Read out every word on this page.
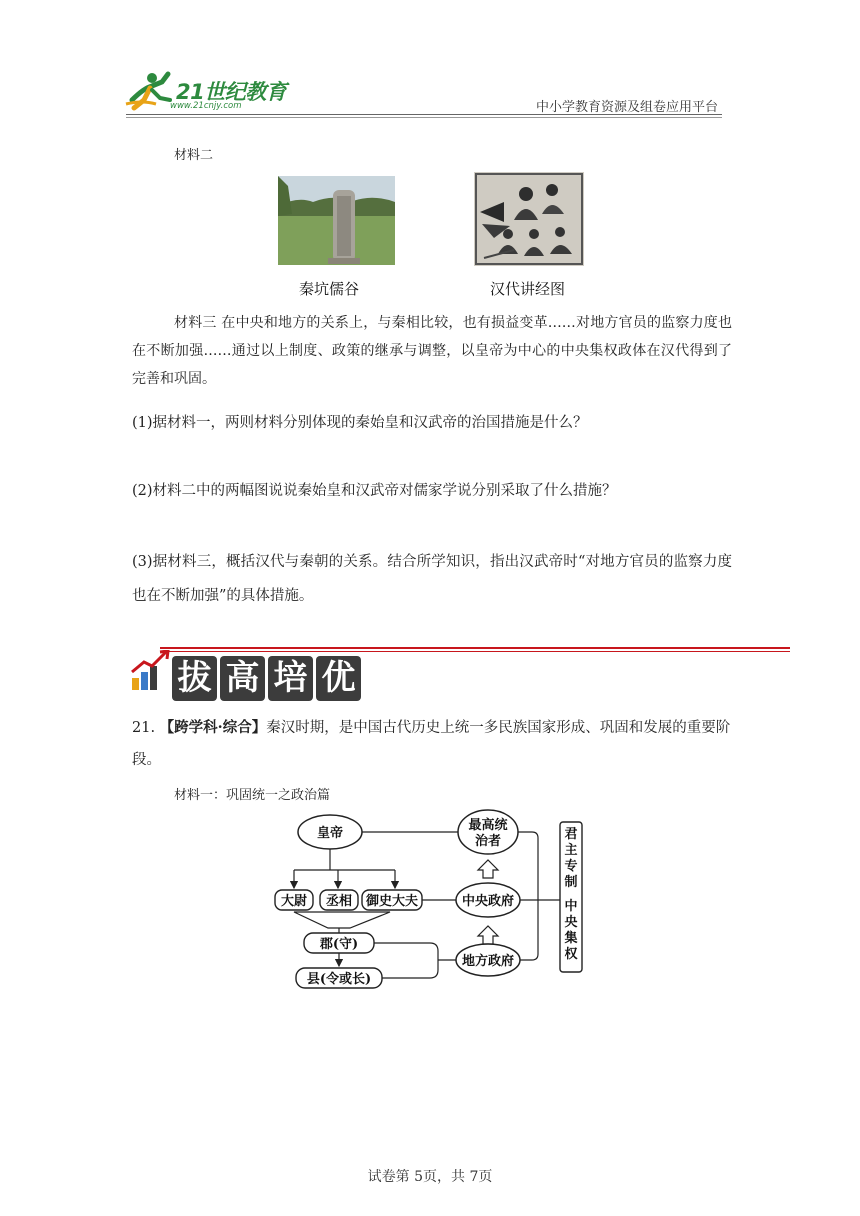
21世纪教育
www.21cnjy.com	中小学教育资源及组卷应用平台
材料二
秦坑儒谷	汉代讲经图
材料三 在中央和地方的关系上，与秦相比较，也有损益变革……对地方官员的监察力度也在不断加强……通过以上制度、政策的继承与调整，以皇帝为中心的中央集权政体在汉代得到了完善和巩固。
(1)据材料一，两则材料分别体现的秦始皇和汉武帝的治国措施是什么？
(2)材料二中的两幅图说说秦始皇和汉武帝对儒家学说分别采取了什么措施？
(3)据材料三，概括汉代与秦朝的关系。结合所学知识，指出汉武帝时“对地方官员的监察力度也在不断加强”的具体措施。
拔 高 培 优
21. 【跨学科·综合】秦汉时期，是中国古代历史上统一多民族国家形成、巩固和发展的重要阶段。
材料一：巩固统一之政治篇
皇帝
大尉 丞相 御史大夫
郡(守)
县(令或长)
最高统
治者
中央政府
地方政府
君主专制
中央集权
试卷第 5页，共 7页
